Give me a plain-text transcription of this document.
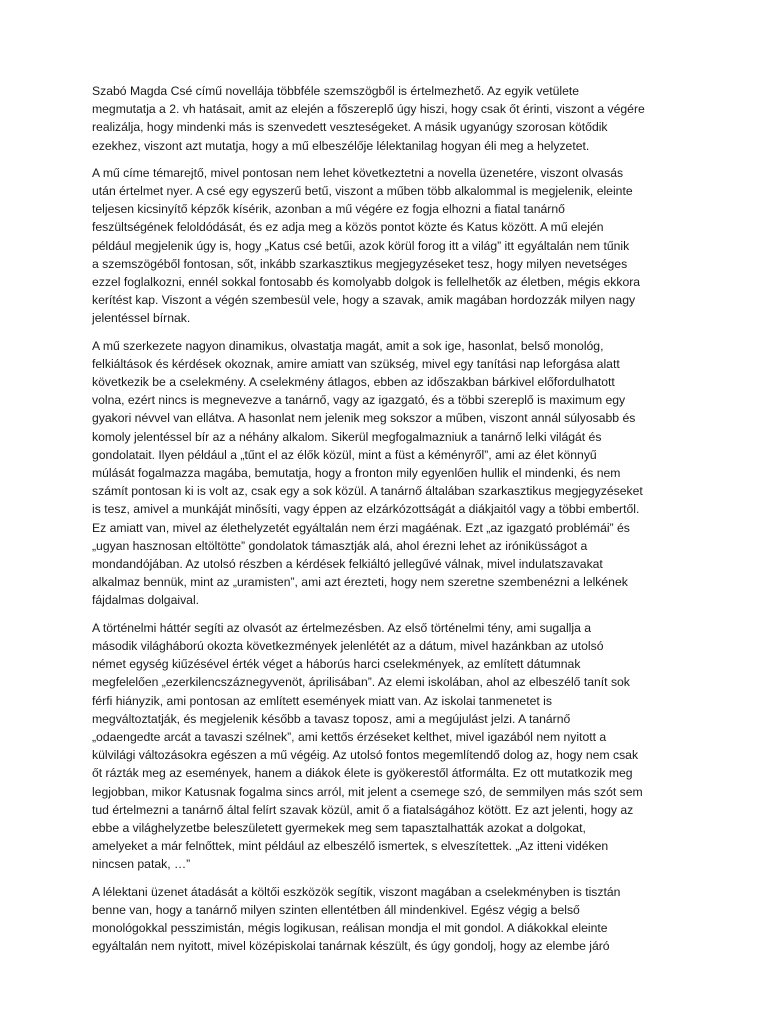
Szabó Magda Csé című novellája többféle szemszögből is értelmezhető. Az egyik vetülete
megmutatja a 2. vh hatásait, amit az elején a főszereplő úgy hiszi, hogy csak őt érinti, viszont a végére
realizálja, hogy mindenki más is szenvedett veszteségeket. A másik ugyanúgy szorosan kötődik
ezekhez, viszont azt mutatja, hogy a mű elbeszélője lélektanilag hogyan éli meg a helyzetet.

A mű címe témarejtő, mivel pontosan nem lehet következtetni a novella üzenetére, viszont olvasás
után értelmet nyer. A csé egy egyszerű betű, viszont a műben több alkalommal is megjelenik, eleinte
teljesen kicsinyítő képzők kísérik, azonban a mű végére ez fogja elhozni a fiatal tanárnő
feszültségének feloldódását, és ez adja meg a közös pontot közte és Katus között. A mű elején
például megjelenik úgy is, hogy „Katus csé betűi, azok körül forog itt a világ” itt egyáltalán nem tűnik
a szemszögéből fontosan, sőt, inkább szarkasztikus megjegyzéseket tesz, hogy milyen nevetséges
ezzel foglalkozni, ennél sokkal fontosabb és komolyabb dolgok is fellelhetők az életben, mégis ekkora
kerítést kap. Viszont a végén szembesül vele, hogy a szavak, amik magában hordozzák milyen nagy
jelentéssel bírnak.

A mű szerkezete nagyon dinamikus, olvastatja magát, amit a sok ige, hasonlat, belső monológ,
felkiáltások és kérdések okoznak, amire amiatt van szükség, mivel egy tanítási nap leforgása alatt
következik be a cselekmény. A cselekmény átlagos, ebben az időszakban bárkivel előfordulhatott
volna, ezért nincs is megnevezve a tanárnő, vagy az igazgató, és a többi szereplő is maximum egy
gyakori névvel van ellátva. A hasonlat nem jelenik meg sokszor a műben, viszont annál súlyosabb és
komoly jelentéssel bír az a néhány alkalom. Sikerül megfogalmazniuk a tanárnő lelki világát és
gondolatait. Ilyen például a „tűnt el az élők közül, mint a füst a kéményről”, ami az élet könnyű
múlását fogalmazza magába, bemutatja, hogy a fronton mily egyenlően hullik el mindenki, és nem
számít pontosan ki is volt az, csak egy a sok közül. A tanárnő általában szarkasztikus megjegyzéseket
is tesz, amivel a munkáját minősíti, vagy éppen az elzárkózottságát a diákjaitól vagy a többi embertől.
Ez amiatt van, mivel az élethelyzetét egyáltalán nem érzi magáénak. Ezt „az igazgató problémái” és
„ugyan hasznosan eltöltötte” gondolatok támasztják alá, ahol érezni lehet az iróniküsságot a
mondandójában. Az utolsó részben a kérdések felkiáltó jellegűvé válnak, mivel indulatszavakat
alkalmaz bennük, mint az „uramisten”, ami azt érezteti, hogy nem szeretne szembenézni a lelkének
fájdalmas dolgaival.

A történelmi háttér segíti az olvasót az értelmezésben. Az első történelmi tény, ami sugallja a
második világháború okozta következmények jelenlétét az a dátum, mivel hazánkban az utolsó
német egység kiűzésével érték véget a háborús harci cselekmények, az említett dátumnak
megfelelően „ezerkilencszáznegyvenöt, áprilisában”. Az elemi iskolában, ahol az elbeszélő tanít sok
férfi hiányzik, ami pontosan az említett események miatt van. Az iskolai tanmenetet is
megváltoztatják, és megjelenik később a tavasz toposz, ami a megújulást jelzi. A tanárnő
„odaengedte arcát a tavaszi szélnek”, ami kettős érzéseket kelthet, mivel igazából nem nyitott a
külvilági változásokra egészen a mű végéig. Az utolsó fontos megemlítendő dolog az, hogy nem csak
őt rázták meg az események, hanem a diákok élete is gyökerestől átformálta. Ez ott mutatkozik meg
legjobban, mikor Katusnak fogalma sincs arról, mit jelent a csemege szó, de semmilyen más szót sem
tud értelmezni a tanárnő által felírt szavak közül, amit ő a fiatalságához kötött. Ez azt jelenti, hogy az
ebbe a világhelyzetbe beleszületett gyermekek meg sem tapasztalhatták azokat a dolgokat,
amelyeket a már felnőttek, mint például az elbeszélő ismertek, s elveszítettek. „Az itteni vidéken
nincsen patak, …”

A lélektani üzenet átadását a költői eszközök segítik, viszont magában a cselekményben is tisztán
benne van, hogy a tanárnő milyen szinten ellentétben áll mindenkivel. Egész végig a belső
monológokkal pesszimistán, mégis logikusan, reálisan mondja el mit gondol. A diákokkal eleinte
egyáltalán nem nyitott, mivel középiskolai tanárnak készült, és úgy gondolj, hogy az elembe járó
